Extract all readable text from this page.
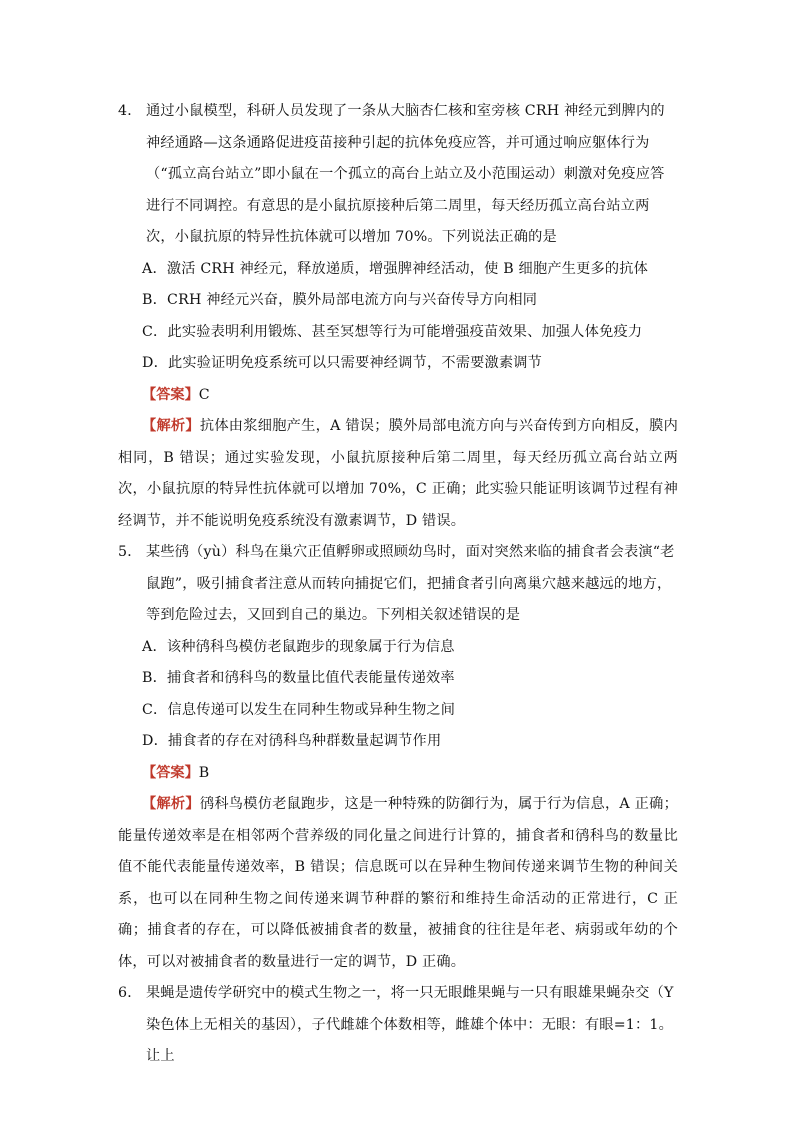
4． 通过小鼠模型，科研人员发现了一条从大脑杏仁核和室旁核 CRH 神经元到脾内的神经通路—这条通路促进疫苗接种引起的抗体免疫应答，并可通过响应躯体行为（“孤立高台站立”即小鼠在一个孤立的高台上站立及小范围运动）刺激对免疫应答进行不同调控。有意思的是小鼠抗原接种后第二周里，每天经历孤立高台站立两次，小鼠抗原的特异性抗体就可以增加 70%。下列说法正确的是
A．激活 CRH 神经元，释放递质，增强脾神经活动，使 B 细胞产生更多的抗体
B．CRH 神经元兴奋，膜外局部电流方向与兴奋传导方向相同
C．此实验表明利用锻炼、甚至冥想等行为可能增强疫苗效果、加强人体免疫力
D．此实验证明免疫系统可以只需要神经调节，不需要激素调节
【答案】C
【解析】抗体由浆细胞产生，A 错误；膜外局部电流方向与兴奋传到方向相反，膜内相同，B 错误；通过实验发现，小鼠抗原接种后第二周里，每天经历孤立高台站立两次，小鼠抗原的特异性抗体就可以增加 70%，C 正确；此实验只能证明该调节过程有神经调节，并不能说明免疫系统没有激素调节，D 错误。
5． 某些鸻（yù）科鸟在巢穴正值孵卵或照顾幼鸟时，面对突然来临的捕食者会表演“老鼠跑”，吸引捕食者注意从而转向捕捉它们，把捕食者引向离巢穴越来越远的地方，等到危险过去，又回到自己的巢边。下列相关叙述错误的是
A．该种鸻科鸟模仿老鼠跑步的现象属于行为信息
B．捕食者和鸻科鸟的数量比值代表能量传递效率
C．信息传递可以发生在同种生物或异种生物之间
D．捕食者的存在对鸻科鸟种群数量起调节作用
【答案】B
【解析】鸻科鸟模仿老鼠跑步，这是一种特殊的防御行为，属于行为信息，A 正确；能量传递效率是在相邻两个营养级的同化量之间进行计算的，捕食者和鸻科鸟的数量比值不能代表能量传递效率，B 错误；信息既可以在异种生物间传递来调节生物的种间关系，也可以在同种生物之间传递来调节种群的繁衍和维持生命活动的正常进行，C 正确；捕食者的存在，可以降低被捕食者的数量，被捕食的往往是年老、病弱或年幼的个体，可以对被捕食者的数量进行一定的调节，D 正确。
6． 果蝇是遗传学研究中的模式生物之一，将一只无眼雌果蝇与一只有眼雄果蝇杂交（Y 染色体上无相关的基因），子代雌雄个体数相等，雌雄个体中：无眼：有眼=1：1。让上
